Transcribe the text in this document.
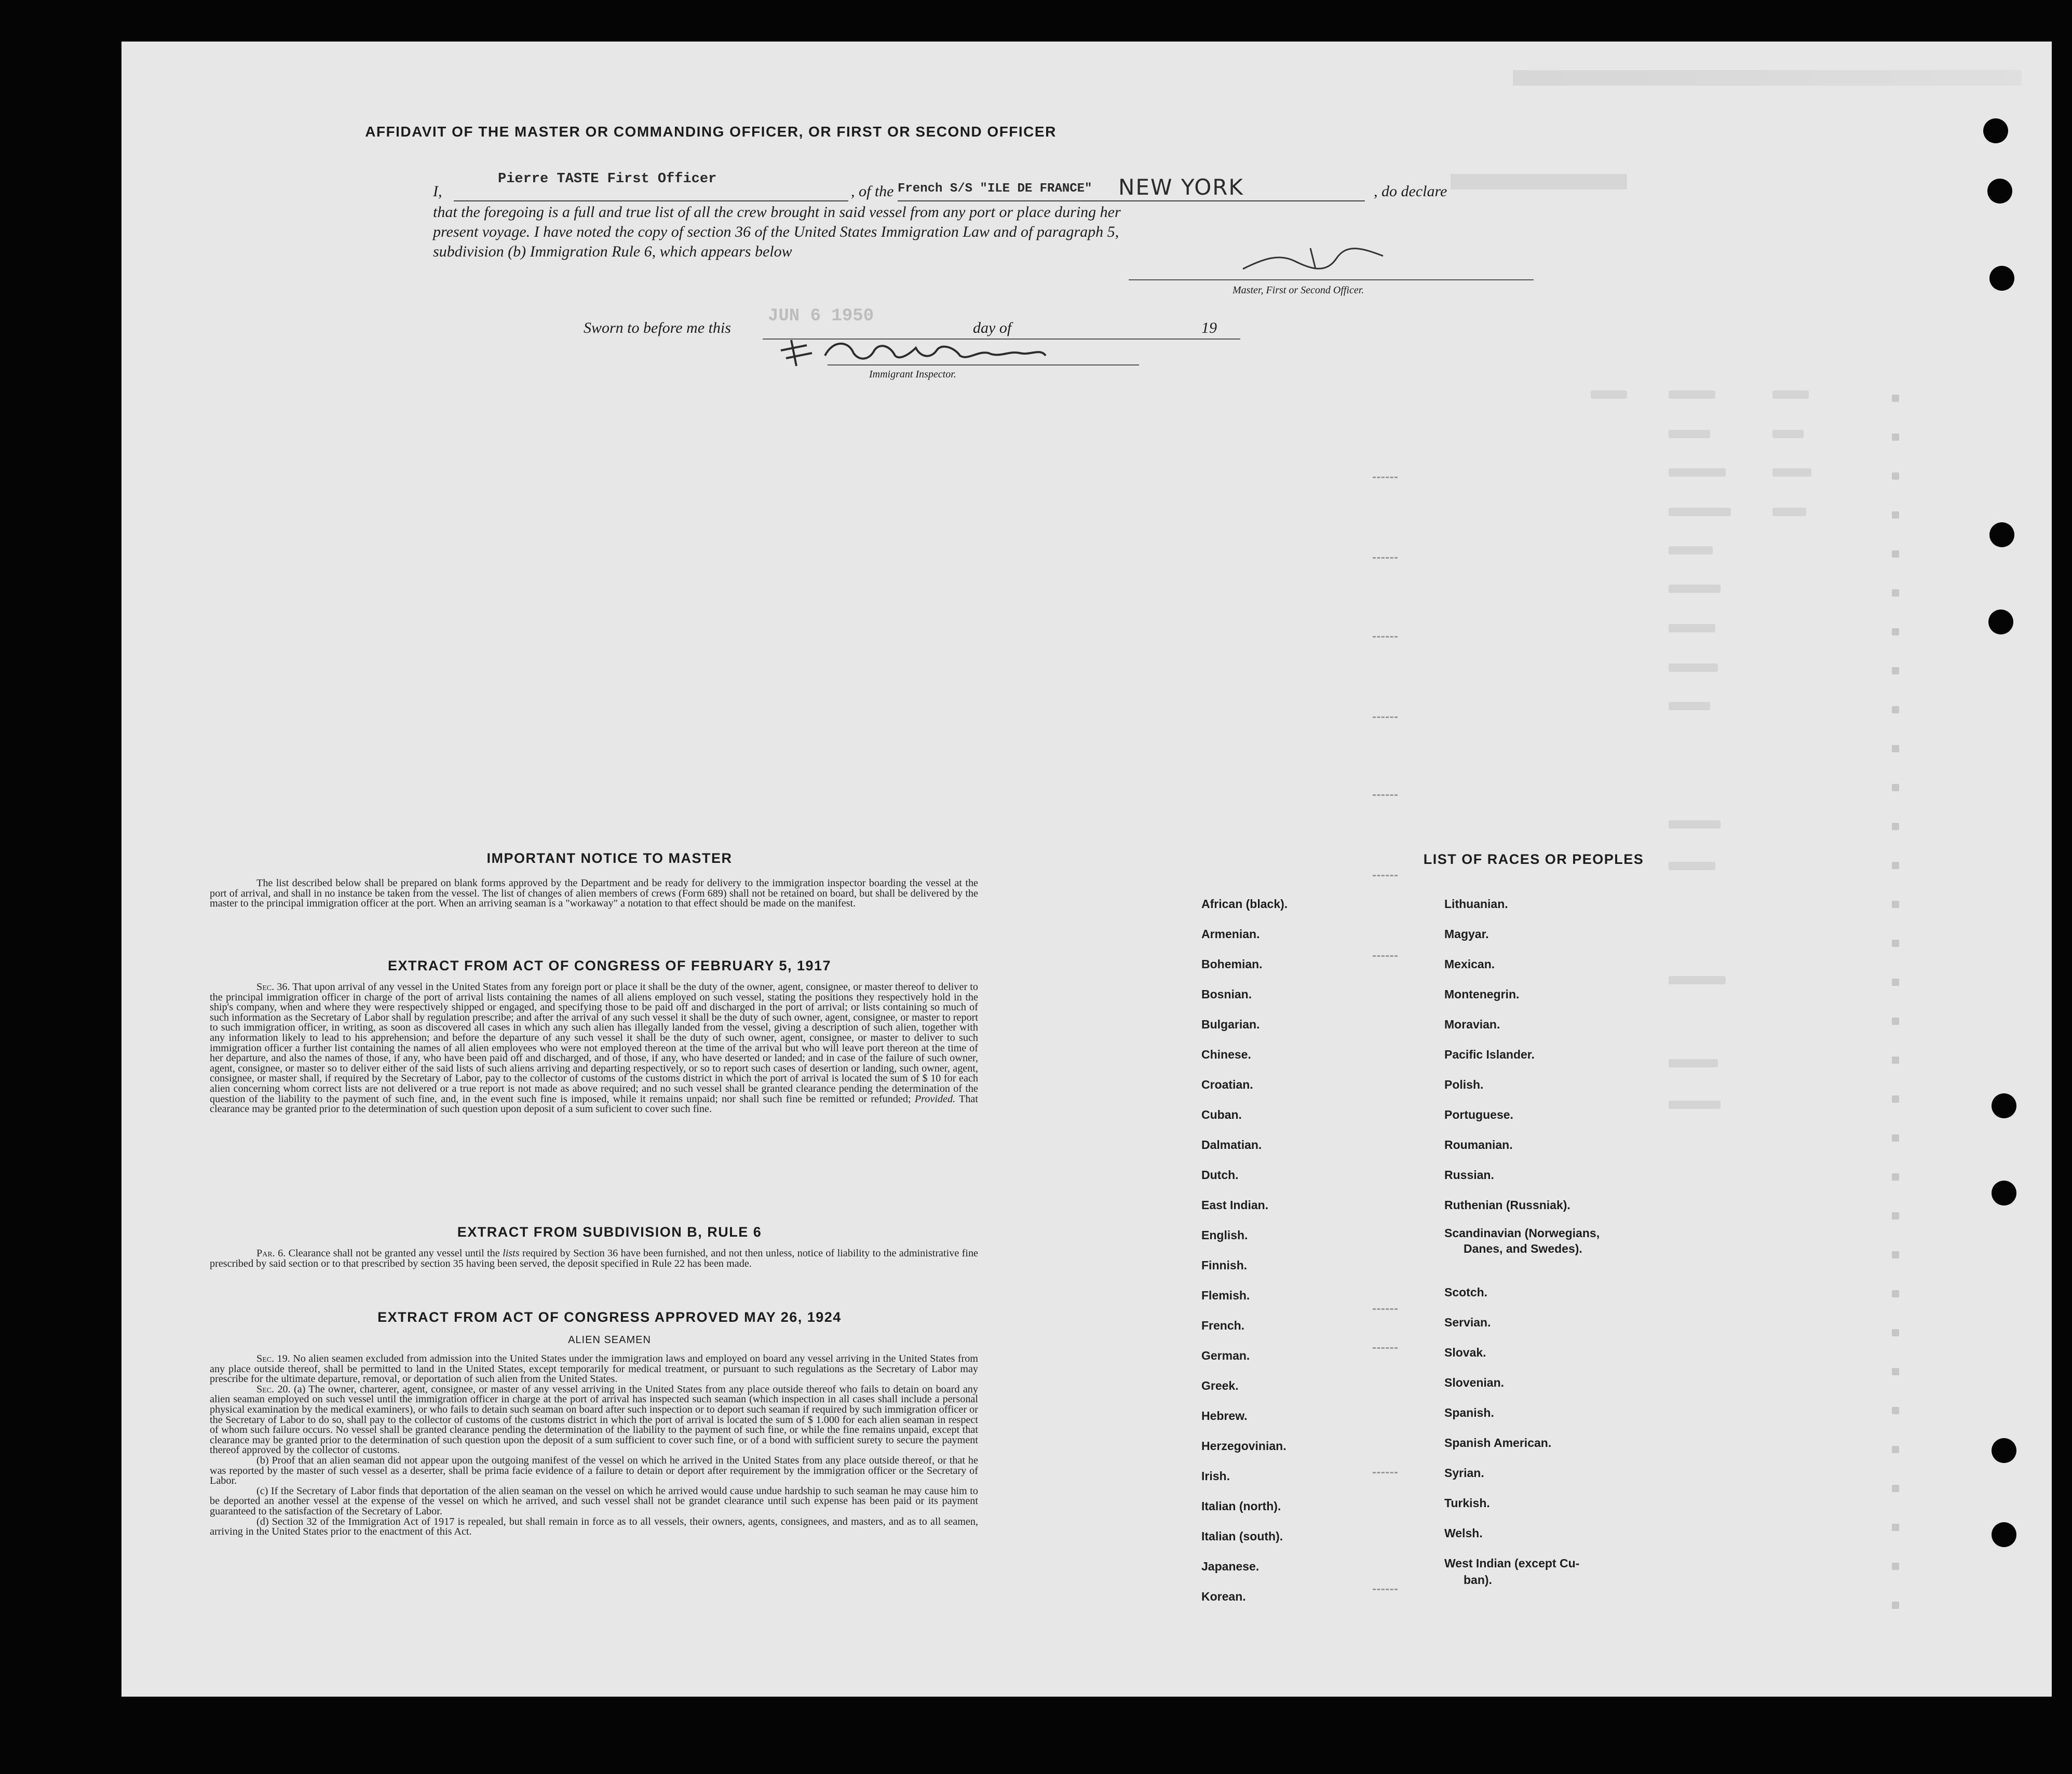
AFFIDAVIT OF THE MASTER OR COMMANDING OFFICER, OR FIRST OR SECOND OFFICER
I,
Pierre TASTE First Officer
, of the French S/S "ILE DE FRANCE" NEW YORK	, do declare
that the foregoing is a full and true list of all the crew brought in said vessel from any port or place during her
present voyage. I have noted the copy of section 36 of the United States Immigration Law and of paragraph 5,
subdivision (b) Immigration Rule 6, which appears below
Master, First or Second Officer.
Sworn to before me this
JUN 6 1950
day of	19
Immigrant Inspector.
IMPORTANT NOTICE TO MASTER
The list described below shall be prepared on blank forms approved by the Department and be ready for delivery to the immigration inspector boarding the vessel at the port of arrival, and shall in no instance be taken from the vessel. The list of changes of alien members of crews (Form 689) shall not be retained on board, but shall be delivered by the master to the principal immigration officer at the port. When an arriving seaman is a "workaway" a notation to that effect should be made on the manifest.
EXTRACT FROM ACT OF CONGRESS OF FEBRUARY 5, 1917
Sec. 36. That upon arrival of any vessel in the United States from any foreign port or place it shall be the duty of the owner, agent, consignee, or master thereof to deliver to the principal immigration officer in charge of the port of arrival lists containing the names of all aliens employed on such vessel, stating the positions they respectively hold in the ship's company, when and where they were respectively shipped or engaged, and specifying those to be paid off and discharged in the port of arrival; or lists containing so much of such information as the Secretary of Labor shall by regulation prescribe; and after the arrival of any such vessel it shall be the duty of such owner, agent, consignee, or master to report to such immigration officer, in writing, as soon as discovered all cases in which any such alien has illegally landed from the vessel, giving a description of such alien, together with any information likely to lead to his apprehension; and before the departure of any such vessel it shall be the duty of such owner, agent, consignee, or master to deliver to such immigration officer a further list containing the names of all alien employees who were not employed thereon at the time of the arrival but who will leave port thereon at the time of her departure, and also the names of those, if any, who have been paid off and discharged, and of those, if any, who have deserted or landed; and in case of the failure of such owner, agent, consignee, or master so to deliver either of the said lists of such aliens arriving and departing respectively, or so to report such cases of desertion or landing, such owner, agent, consignee, or master shall, if required by the Secretary of Labor, pay to the collector of customs of the customs district in which the port of arrival is located the sum of $ 10 for each alien concerning whom correct lists are not delivered or a true report is not made as above required; and no such vessel shall be granted clearance pending the determination of the question of the liability to the payment of such fine, and, in the event such fine is imposed, while it remains unpaid; nor shall such fine be remitted or refunded; Provided. That clearance may be granted prior to the determination of such question upon deposit of a sum suficient to cover such fine.
EXTRACT FROM SUBDIVISION B, RULE 6
Par. 6. Clearance shall not be granted any vessel until the lists required by Section 36 have been furnished, and not then unless, notice of liability to the administrative fine prescribed by said section or to that prescribed by section 35 having been served, the deposit specified in Rule 22 has been made.
EXTRACT FROM ACT OF CONGRESS APPROVED MAY 26, 1924
ALIEN SEAMEN
Sec. 19. No alien seamen excluded from admission into the United States under the immigration laws and employed on board any vessel arriving in the United States from any place outside thereof, shall be permitted to land in the United States, except temporarily for medical treatment, or pursuant to such regulations as the Secretary of Labor may prescribe for the ultimate departure, removal, or deportation of such alien from the United States.
Sec. 20. (a) The owner, charterer, agent, consignee, or master of any vessel arriving in the United States from any place outside thereof who fails to detain on board any alien seaman employed on such vessel until the immigration officer in charge at the port of arrival has inspected such seaman (which inspection in all cases shall include a personal physical examination by the medical examiners), or who fails to detain such seaman on board after such inspection or to deport such seaman if required by such immigration officer or the Secretary of Labor to do so, shall pay to the collector of customs of the customs district in which the port of arrival is located the sum of $ 1.000 for each alien seaman in respect of whom such failure occurs. No vessel shall be granted clearance pending the determination of the liability to the payment of such fine, or while the fine remains unpaid, except that clearance may be granted prior to the determination of such question upon the deposit of a sum sufficient to cover such fine, or of a bond with sufficient surety to secure the payment thereof approved by the collector of customs.
(b) Proof that an alien seaman did not appear upon the outgoing manifest of the vessel on which he arrived in the United States from any place outside thereof, or that he was reported by the master of such vessel as a deserter, shall be prima facie evidence of a failure to detain or deport after requirement by the immigration officer or the Secretary of Labor.
(c) If the Secretary of Labor finds that deportation of the alien seaman on the vessel on which he arrived would cause undue hardship to such seaman he may cause him to be deported an another vessel at the expense of the vessel on which he arrived, and such vessel shall not be grandet clearance until such expense has been paid or its payment guaranteed to the satisfaction of the Secretary of Labor.
(d) Section 32 of the Immigration Act of 1917 is repealed, but shall remain in force as to all vessels, their owners, agents, consignees, and masters, and as to all seamen, arriving in the United States prior to the enactment of this Act.
LIST OF RACES OR PEOPLES
African (black).
Armenian.
Bohemian.
Bosnian.
Bulgarian.
Chinese.
Croatian.
Cuban.
Dalmatian.
Dutch.
East Indian.
English.
Finnish.
Flemish.
French.
German.
Greek.
Hebrew.
Herzegovinian.
Irish.
Italian (north).
Italian (south).
Japanese.
Korean.
Lithuanian.
Magyar.
Mexican.
Montenegrin.
Moravian.
Pacific Islander.
Polish.
Portuguese.
Roumanian.
Russian.
Ruthenian (Russniak).
Scandinavian (Norwegians,
Danes, and Swedes).
Scotch.
Servian.
Slovak.
Slovenian.
Spanish.
Spanish American.
Syrian.
Turkish.
Welsh.
West Indian (except Cu-
ban).
